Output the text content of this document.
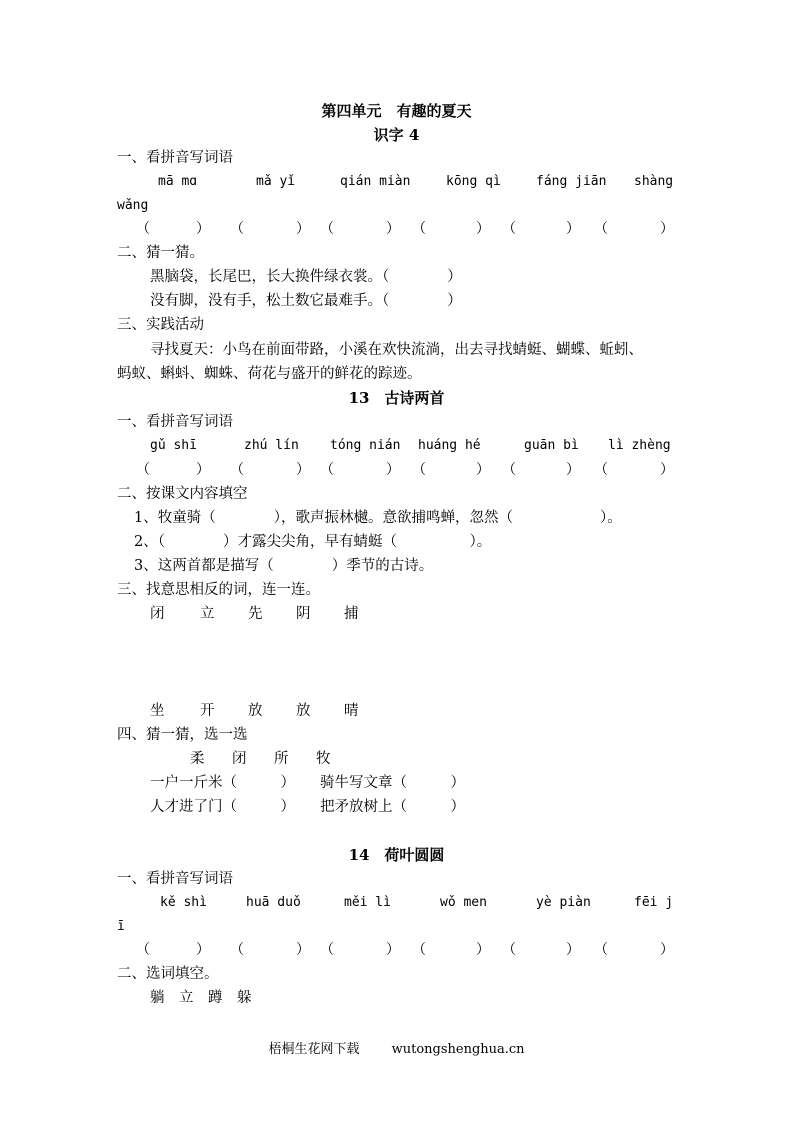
第四单元　有趣的夏天
识字 4
一、看拼音写词语
mā mɑ	mǎ yǐ	qián miàn	kōng qì	fáng jiān shàng
wǎng
（	） （	） （	） （	） （	） （	）
二、猜一猜。
黑脑袋，长尾巴，长大换件绿衣裳。（　　　　）
没有脚，没有手，松土数它最难手。（　　　　）
三、实践活动
寻找夏天：小鸟在前面带路，小溪在欢快流淌，出去寻找蜻蜓、蝴蝶、蚯蚓、
蚂蚁、蝌蚪、蜘蛛、荷花与盛开的鲜花的踪迹。
13　古诗两首
一、看拼音写词语
gǔ shī	zhú lín tóng nián huáng hé	guān bì lì zhèng
（	） （	） （	） （	） （	） （	）
二、按课文内容填空
1、牧童骑（　　　　），歌声振林樾。意欲捕鸣蝉，忽然（　　　　　　）。
2、（　　　　）才露尖尖角，早有蜻蜓（　　　　　）。
3、这两首都是描写（　　　　）季节的古诗。
三、找意思相反的词，连一连。
闭 立 先 阴 捕
坐 开 放 放 晴
四、猜一猜，选一选
柔 闭 所 牧
一户一斤米（　　　） 骑牛写文章（　　　）
人才进了门（　　　） 把矛放树上（　　　）
14　荷叶圆圆
一、看拼音写词语
kě shì	huā duǒ	měi lì	wǒ men	yè piàn	fēi j
ī
（	） （	） （	） （	） （	） （	）
二、选词填空。
躺　立　蹲　躲
梧桐生花网下载 wutongshenghua.cn
